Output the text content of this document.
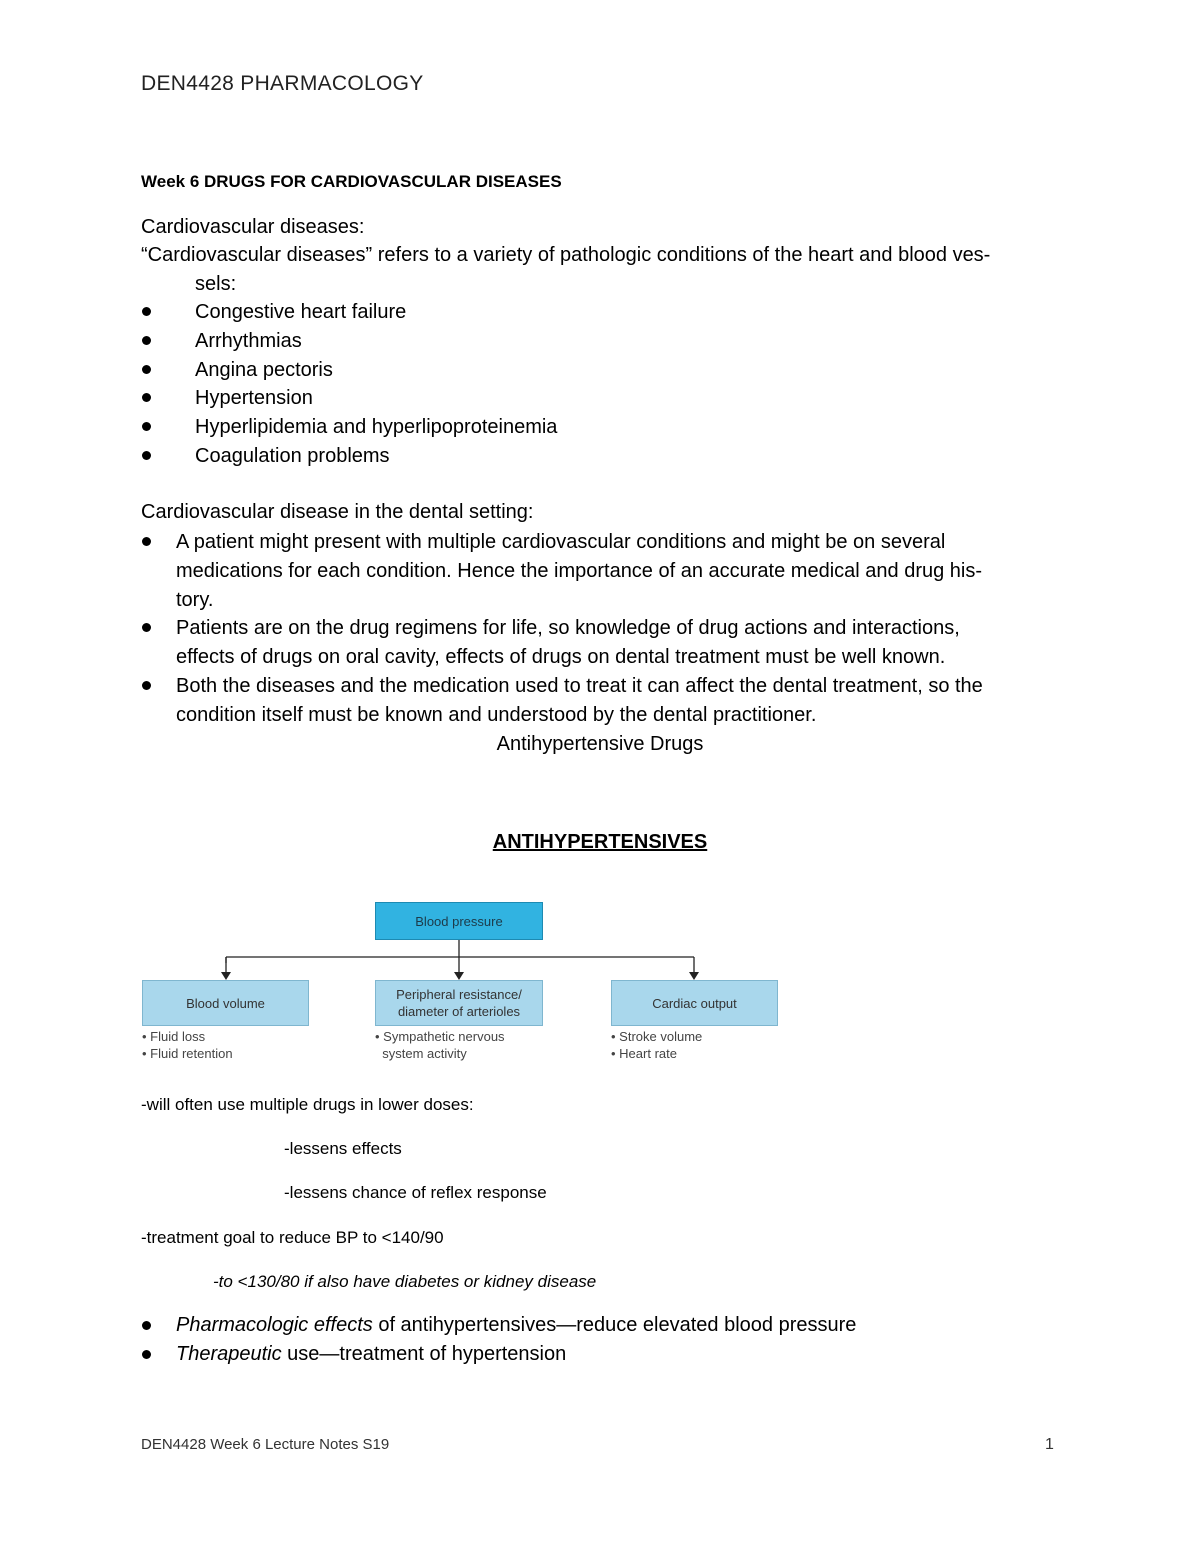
DEN4428 PHARMACOLOGY
Week 6 DRUGS FOR CARDIOVASCULAR DISEASES
Cardiovascular diseases:
“Cardiovascular diseases” refers to a variety of pathologic conditions of the heart and blood ves-
sels:
Congestive heart failure
Arrhythmias
Angina pectoris
Hypertension
Hyperlipidemia and hyperlipoproteinemia
Coagulation problems
Cardiovascular disease in the dental setting:
A patient might present with multiple cardiovascular conditions and might be on several
medications for each condition. Hence the importance of an accurate medical and drug his-
tory.
Patients are on the drug regimens for life, so knowledge of drug actions and interactions,
effects of drugs on oral cavity, effects of drugs on dental treatment must be well known.
Both the diseases and the medication used to treat it can affect the dental treatment, so the
condition itself must be known and understood by the dental practitioner.
Antihypertensive Drugs
ANTIHYPERTENSIVES
Blood pressure
Blood volume
• Fluid loss
• Fluid retention
Peripheral resistance/
diameter of arterioles
• Sympathetic nervous
system activity
Cardiac output
• Stroke volume
• Heart rate
-will often use multiple drugs in lower doses:
-lessens effects
-lessens chance of reflex response
-treatment goal to reduce BP to <140/90
-to <130/80 if also have diabetes or kidney disease
Pharmacologic effects of antihypertensives—reduce elevated blood pressure
Therapeutic use—treatment of hypertension
DEN4428 Week 6 Lecture Notes S19	1
